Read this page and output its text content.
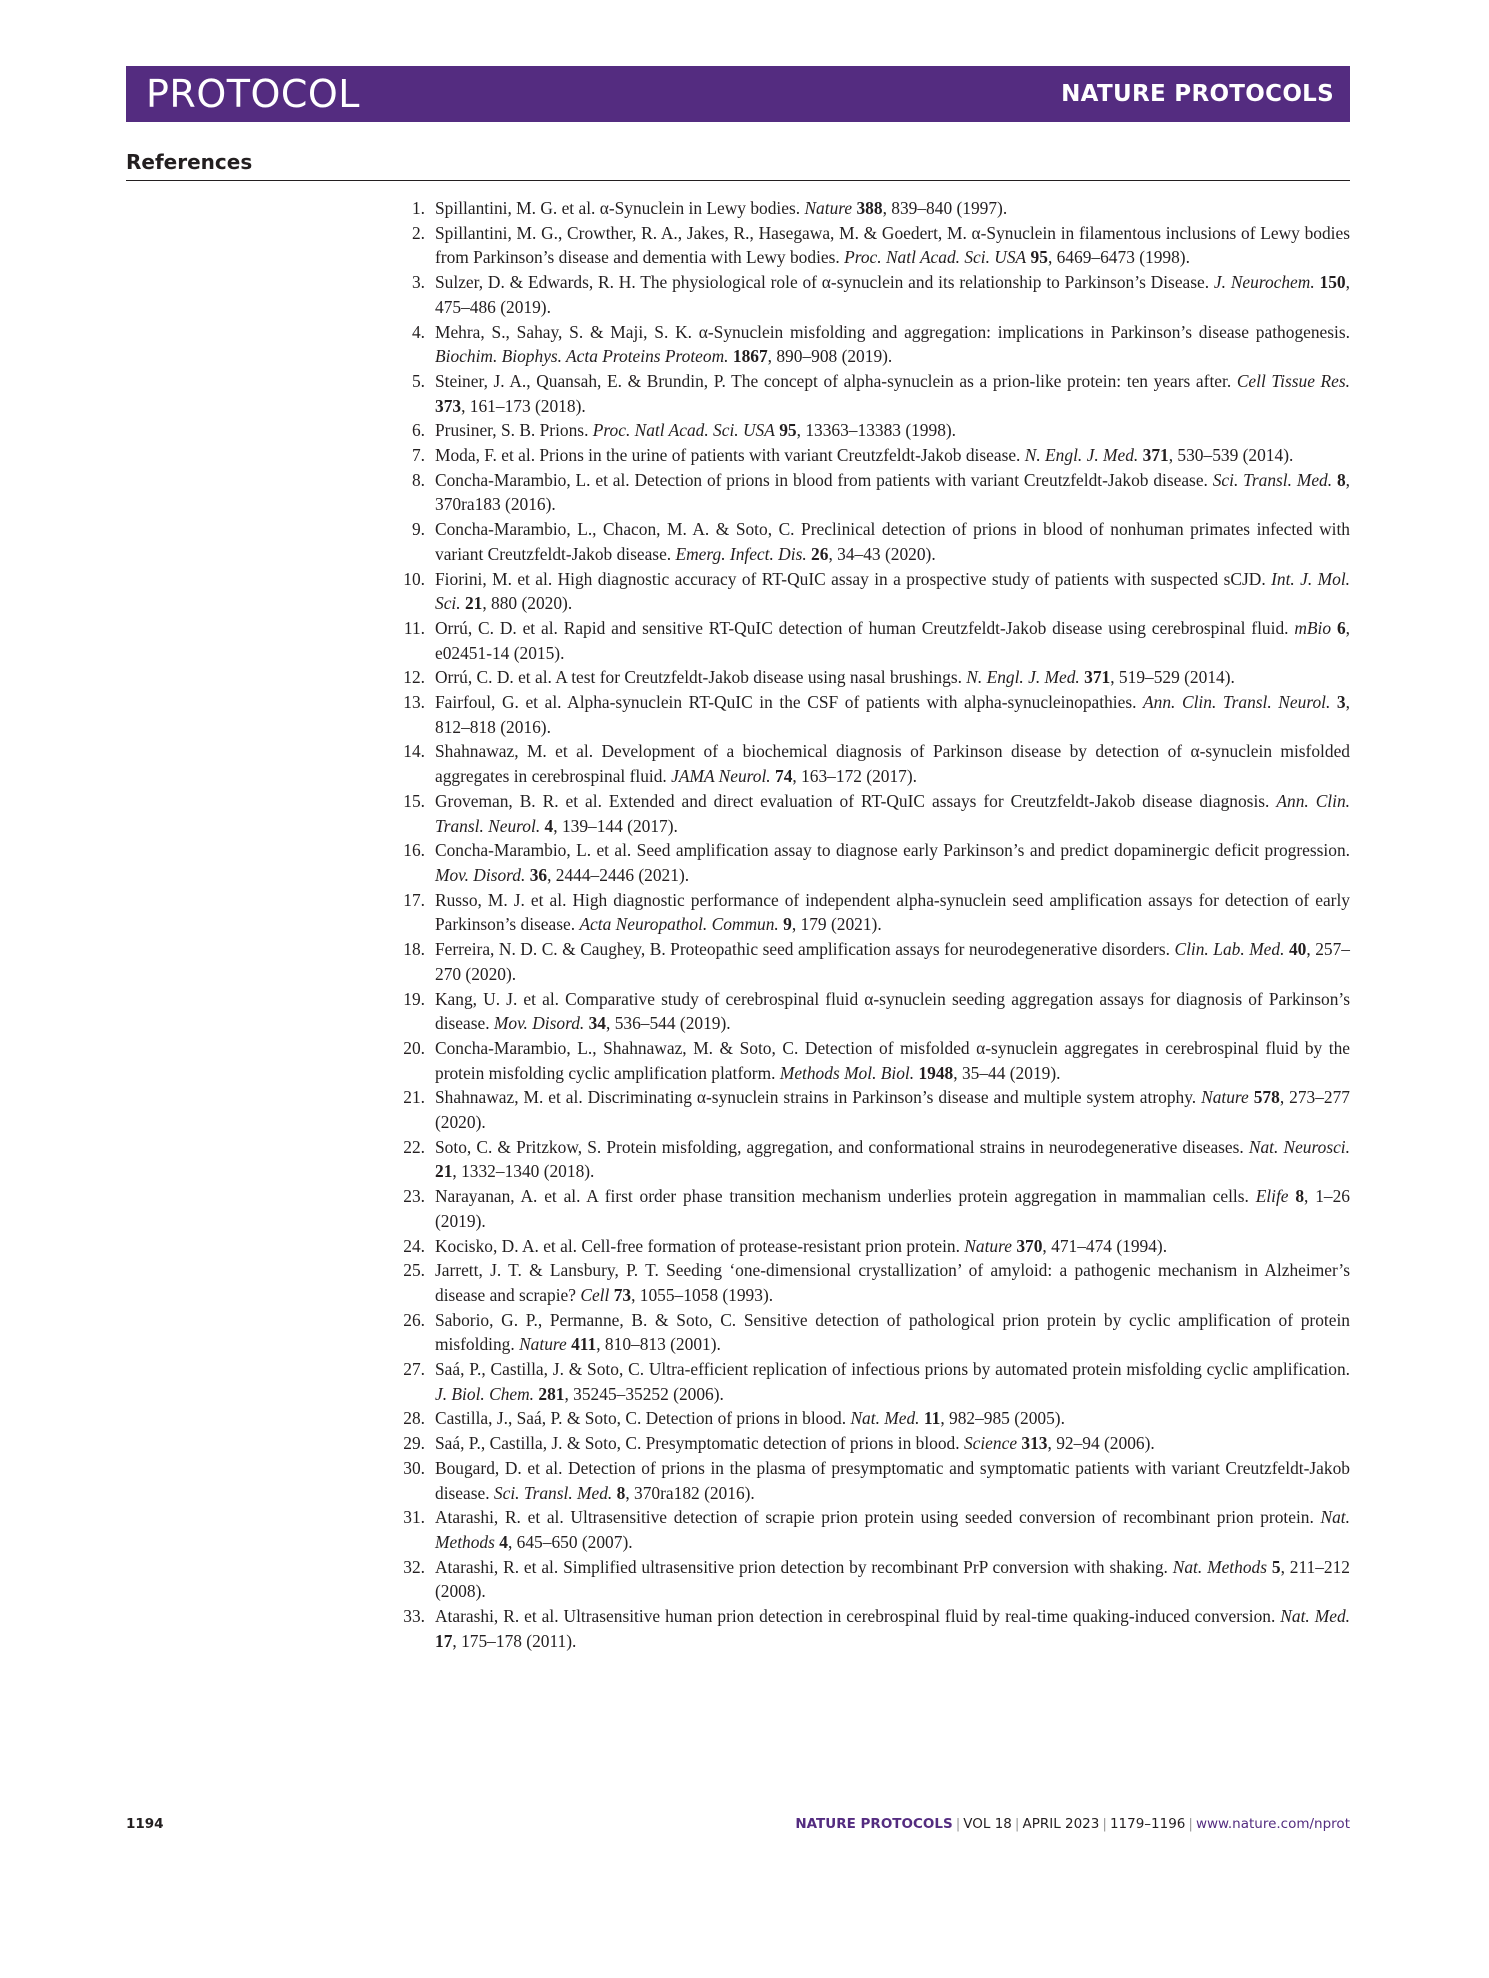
PROTOCOL	NATURE PROTOCOLS
References
1. Spillantini, M. G. et al. α-Synuclein in Lewy bodies. Nature 388, 839–840 (1997).
2. Spillantini, M. G., Crowther, R. A., Jakes, R., Hasegawa, M. & Goedert, M. α-Synuclein in filamentous inclusions of Lewy bodies from Parkinson’s disease and dementia with Lewy bodies. Proc. Natl Acad. Sci. USA 95, 6469–6473 (1998).
3. Sulzer, D. & Edwards, R. H. The physiological role of α-synuclein and its relationship to Parkinson’s Disease. J. Neurochem. 150, 475–486 (2019).
4. Mehra, S., Sahay, S. & Maji, S. K. α-Synuclein misfolding and aggregation: implications in Parkinson’s disease pathogenesis. Biochim. Biophys. Acta Proteins Proteom. 1867, 890–908 (2019).
5. Steiner, J. A., Quansah, E. & Brundin, P. The concept of alpha-synuclein as a prion-like protein: ten years after. Cell Tissue Res. 373, 161–173 (2018).
6. Prusiner, S. B. Prions. Proc. Natl Acad. Sci. USA 95, 13363–13383 (1998).
7. Moda, F. et al. Prions in the urine of patients with variant Creutzfeldt-Jakob disease. N. Engl. J. Med. 371, 530–539 (2014).
8. Concha-Marambio, L. et al. Detection of prions in blood from patients with variant Creutzfeldt-Jakob disease. Sci. Transl. Med. 8, 370ra183 (2016).
9. Concha-Marambio, L., Chacon, M. A. & Soto, C. Preclinical detection of prions in blood of nonhuman primates infected with variant Creutzfeldt-Jakob disease. Emerg. Infect. Dis. 26, 34–43 (2020).
10. Fiorini, M. et al. High diagnostic accuracy of RT-QuIC assay in a prospective study of patients with suspected sCJD. Int. J. Mol. Sci. 21, 880 (2020).
11. Orrú, C. D. et al. Rapid and sensitive RT-QuIC detection of human Creutzfeldt-Jakob disease using cerebrospinal fluid. mBio 6, e02451-14 (2015).
12. Orrú, C. D. et al. A test for Creutzfeldt-Jakob disease using nasal brushings. N. Engl. J. Med. 371, 519–529 (2014).
13. Fairfoul, G. et al. Alpha-synuclein RT-QuIC in the CSF of patients with alpha-synucleinopathies. Ann. Clin. Transl. Neurol. 3, 812–818 (2016).
14. Shahnawaz, M. et al. Development of a biochemical diagnosis of Parkinson disease by detection of α-synuclein misfolded aggregates in cerebrospinal fluid. JAMA Neurol. 74, 163–172 (2017).
15. Groveman, B. R. et al. Extended and direct evaluation of RT-QuIC assays for Creutzfeldt-Jakob disease diagnosis. Ann. Clin. Transl. Neurol. 4, 139–144 (2017).
16. Concha-Marambio, L. et al. Seed amplification assay to diagnose early Parkinson’s and predict dopaminergic deficit progression. Mov. Disord. 36, 2444–2446 (2021).
17. Russo, M. J. et al. High diagnostic performance of independent alpha-synuclein seed amplification assays for detection of early Parkinson’s disease. Acta Neuropathol. Commun. 9, 179 (2021).
18. Ferreira, N. D. C. & Caughey, B. Proteopathic seed amplification assays for neurodegenerative disorders. Clin. Lab. Med. 40, 257–270 (2020).
19. Kang, U. J. et al. Comparative study of cerebrospinal fluid α-synuclein seeding aggregation assays for diagnosis of Parkinson’s disease. Mov. Disord. 34, 536–544 (2019).
20. Concha-Marambio, L., Shahnawaz, M. & Soto, C. Detection of misfolded α-synuclein aggregates in cerebrospinal fluid by the protein misfolding cyclic amplification platform. Methods Mol. Biol. 1948, 35–44 (2019).
21. Shahnawaz, M. et al. Discriminating α-synuclein strains in Parkinson’s disease and multiple system atrophy. Nature 578, 273–277 (2020).
22. Soto, C. & Pritzkow, S. Protein misfolding, aggregation, and conformational strains in neurodegenerative diseases. Nat. Neurosci. 21, 1332–1340 (2018).
23. Narayanan, A. et al. A first order phase transition mechanism underlies protein aggregation in mammalian cells. Elife 8, 1–26 (2019).
24. Kocisko, D. A. et al. Cell-free formation of protease-resistant prion protein. Nature 370, 471–474 (1994).
25. Jarrett, J. T. & Lansbury, P. T. Seeding ‘one-dimensional crystallization’ of amyloid: a pathogenic mechanism in Alzheimer’s disease and scrapie? Cell 73, 1055–1058 (1993).
26. Saborio, G. P., Permanne, B. & Soto, C. Sensitive detection of pathological prion protein by cyclic amplification of protein misfolding. Nature 411, 810–813 (2001).
27. Saá, P., Castilla, J. & Soto, C. Ultra-efficient replication of infectious prions by automated protein misfolding cyclic amplification. J. Biol. Chem. 281, 35245–35252 (2006).
28. Castilla, J., Saá, P. & Soto, C. Detection of prions in blood. Nat. Med. 11, 982–985 (2005).
29. Saá, P., Castilla, J. & Soto, C. Presymptomatic detection of prions in blood. Science 313, 92–94 (2006).
30. Bougard, D. et al. Detection of prions in the plasma of presymptomatic and symptomatic patients with variant Creutzfeldt-Jakob disease. Sci. Transl. Med. 8, 370ra182 (2016).
31. Atarashi, R. et al. Ultrasensitive detection of scrapie prion protein using seeded conversion of recombinant prion protein. Nat. Methods 4, 645–650 (2007).
32. Atarashi, R. et al. Simplified ultrasensitive prion detection by recombinant PrP conversion with shaking. Nat. Methods 5, 211–212 (2008).
33. Atarashi, R. et al. Ultrasensitive human prion detection in cerebrospinal fluid by real-time quaking-induced conversion. Nat. Med. 17, 175–178 (2011).
1194	NATURE PROTOCOLS | VOL 18 | APRIL 2023 | 1179–1196 | www.nature.com/nprot
